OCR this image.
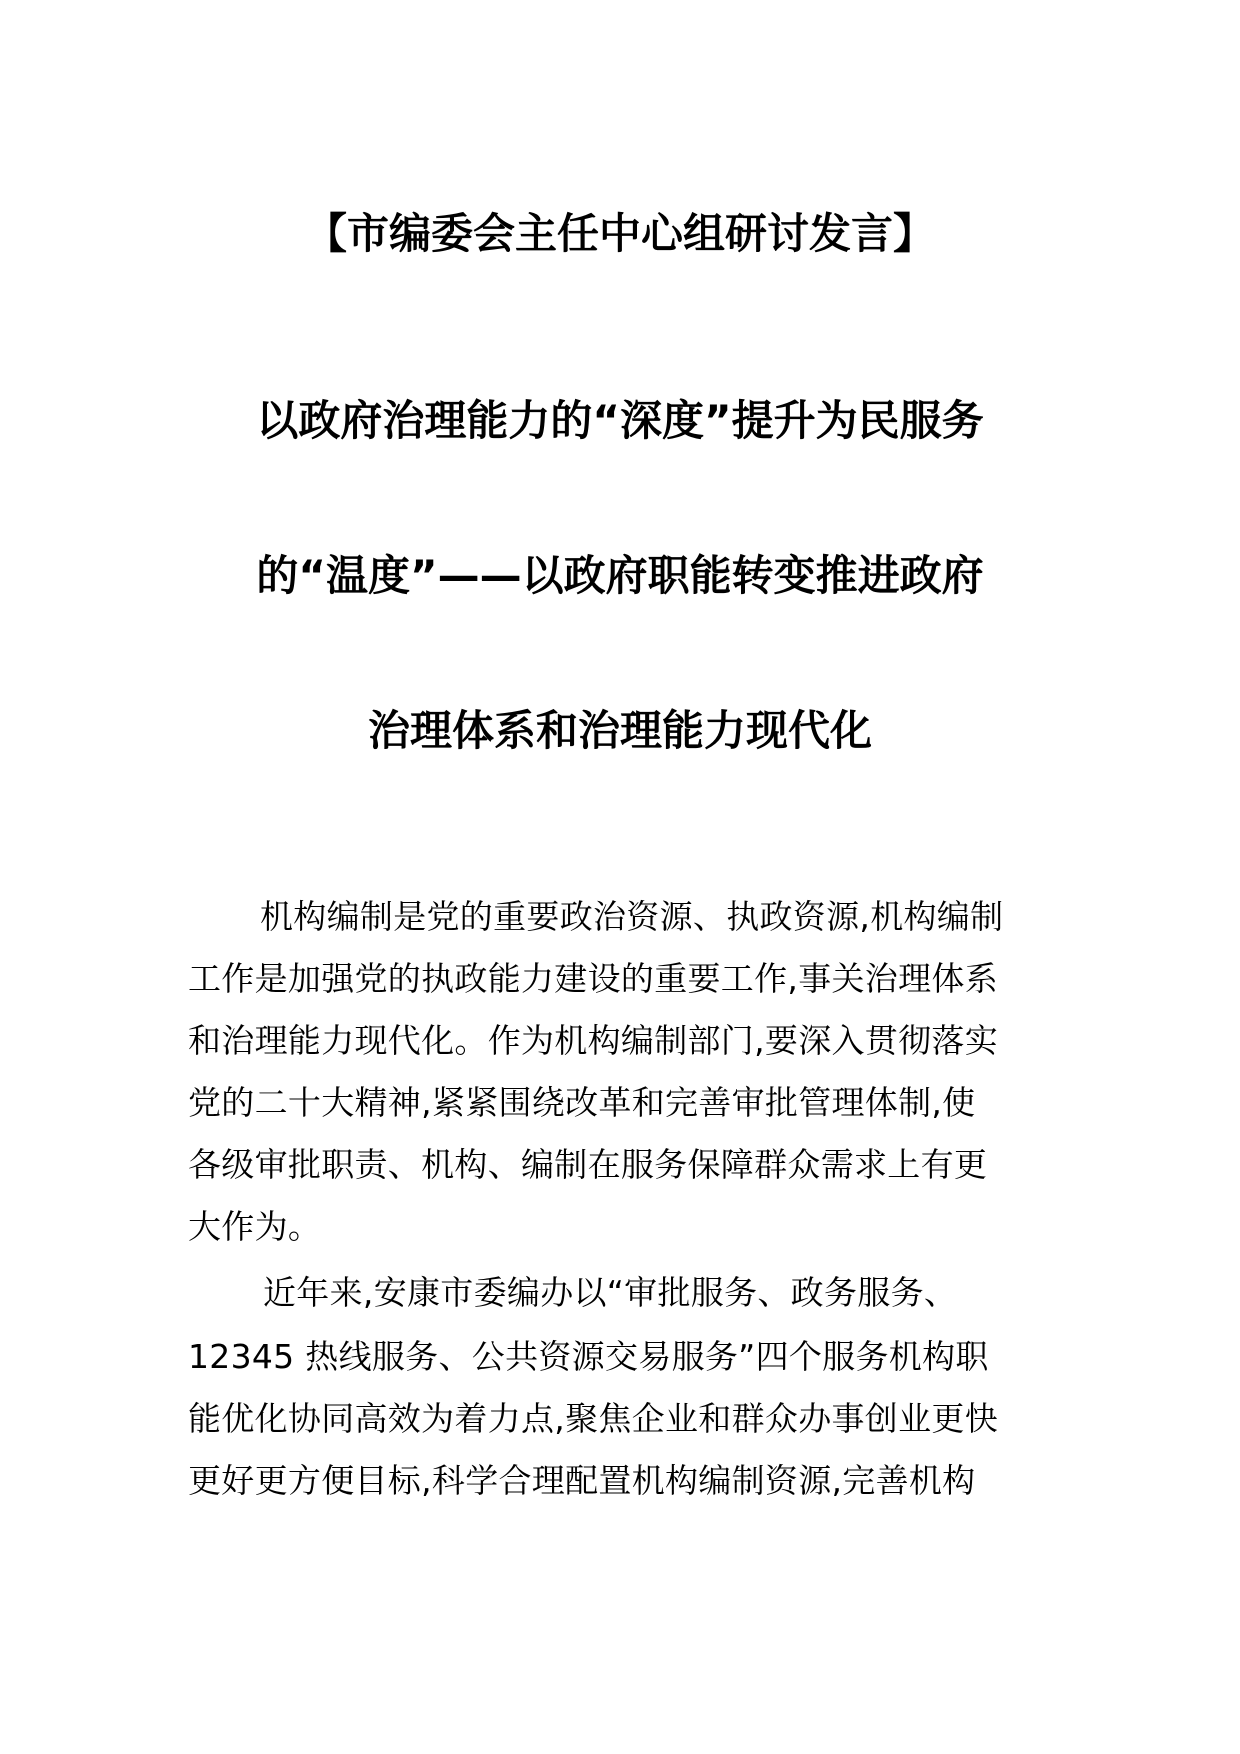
【市编委会主任中心组研讨发言】
以政府治理能力的“深度”提升为民服务
的“温度”——以政府职能转变推进政府
治理体系和治理能力现代化
机构编制是党的重要政治资源、执政资源,机构编制
工作是加强党的执政能力建设的重要工作,事关治理体系
和治理能力现代化。作为机构编制部门,要深入贯彻落实
党的二十大精神,紧紧围绕改革和完善审批管理体制,使
各级审批职责、机构、编制在服务保障群众需求上有更
大作为。
近年来,安康市委编办以“审批服务、政务服务、
12345 热线服务、公共资源交易服务”四个服务机构职
能优化协同高效为着力点,聚焦企业和群众办事创业更快
更好更方便目标,科学合理配置机构编制资源,完善机构
